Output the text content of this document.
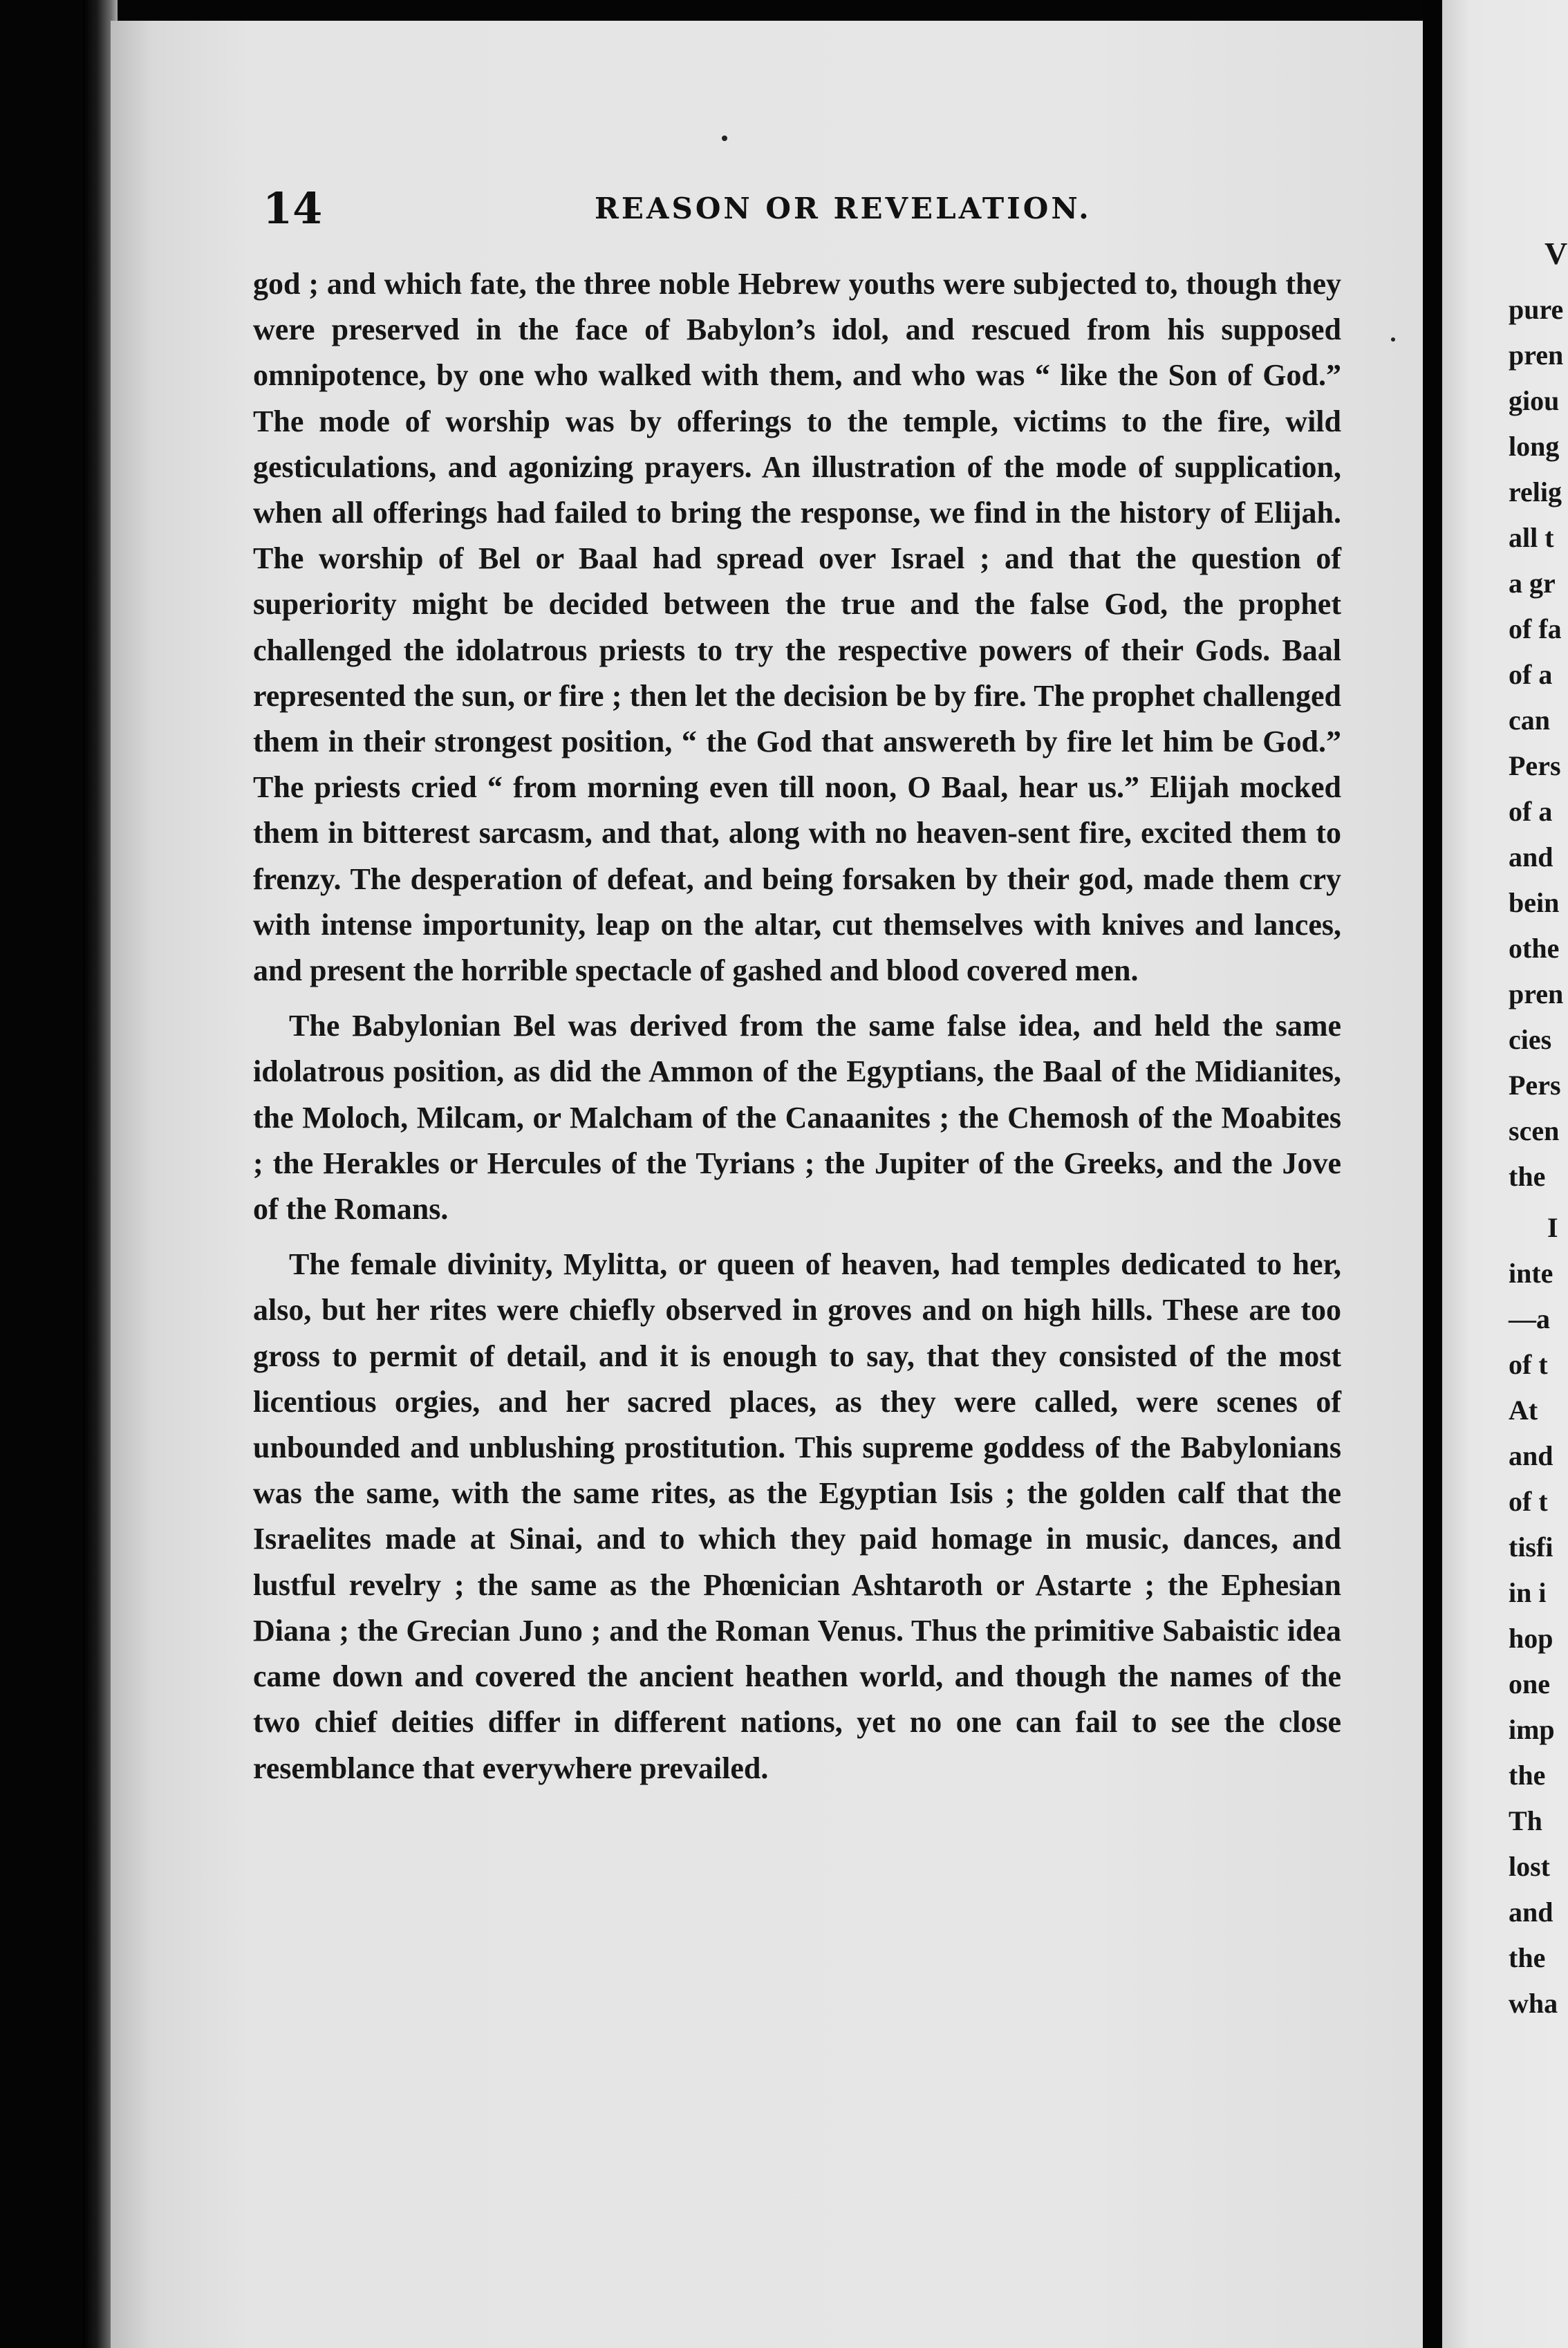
14	REASON OR REVELATION.

god ; and which fate, the three noble Hebrew youths were subjected to, though they were preserved in the face of Babylon’s idol, and rescued from his supposed omnipotence, by one who walked with them, and who was “ like the Son of God.” The mode of worship was by offerings to the temple, victims to the fire, wild gesticulations, and agonizing prayers. An illustration of the mode of supplication, when all offerings had failed to bring the response, we find in the history of Elijah. The worship of Bel or Baal had spread over Israel ; and that the question of superiority might be decided between the true and the false God, the prophet challenged the idolatrous priests to try the respective powers of their Gods. Baal represented the sun, or fire ; then let the decision be by fire. The prophet challenged them in their strongest position, “ the God that answereth by fire let him be God.” The priests cried “ from morning even till noon, O Baal, hear us.” Elijah mocked them in bitterest sarcasm, and that, along with no heaven-sent fire, excited them to frenzy. The desperation of defeat, and being forsaken by their god, made them cry with intense importunity, leap on the altar, cut themselves with knives and lances, and present the horrible spectacle of gashed and blood covered men.

The Babylonian Bel was derived from the same false idea, and held the same idolatrous position, as did the Ammon of the Egyptians, the Baal of the Midianites, the Moloch, Milcam, or Malcham of the Canaanites ; the Chemosh of the Moabites ; the Herakles or Hercules of the Tyrians ; the Jupiter of the Greeks, and the Jove of the Romans.

The female divinity, Mylitta, or queen of heaven, had temples dedicated to her, also, but her rites were chiefly observed in groves and on high hills. These are too gross to permit of detail, and it is enough to say, that they consisted of the most licentious orgies, and her sacred places, as they were called, were scenes of unbounded and unblushing prostitution. This supreme goddess of the Babylonians was the same, with the same rites, as the Egyptian Isis ; the golden calf that the Israelites made at Sinai, and to which they paid homage in music, dances, and lustful revelry ; the same as the Phœnician Ashtaroth or Astarte ; the Ephesian Diana ; the Grecian Juno ; and the Roman Venus. Thus the primitive Sabaistic idea came down and covered the ancient heathen world, and though the names of the two chief deities differ in different nations, yet no one can fail to see the close resemblance that everywhere prevailed.

V
pure
pren
giou
long
relig
all t
a gr
of fa
of a
can
Pers
of a
and
bein
othe
pren
cies
Pers
scen
the
I
inte
—a
of t
At
and
of t
tisfi
in i
hop
one
imp
the
Th
lost
and
the
wha
